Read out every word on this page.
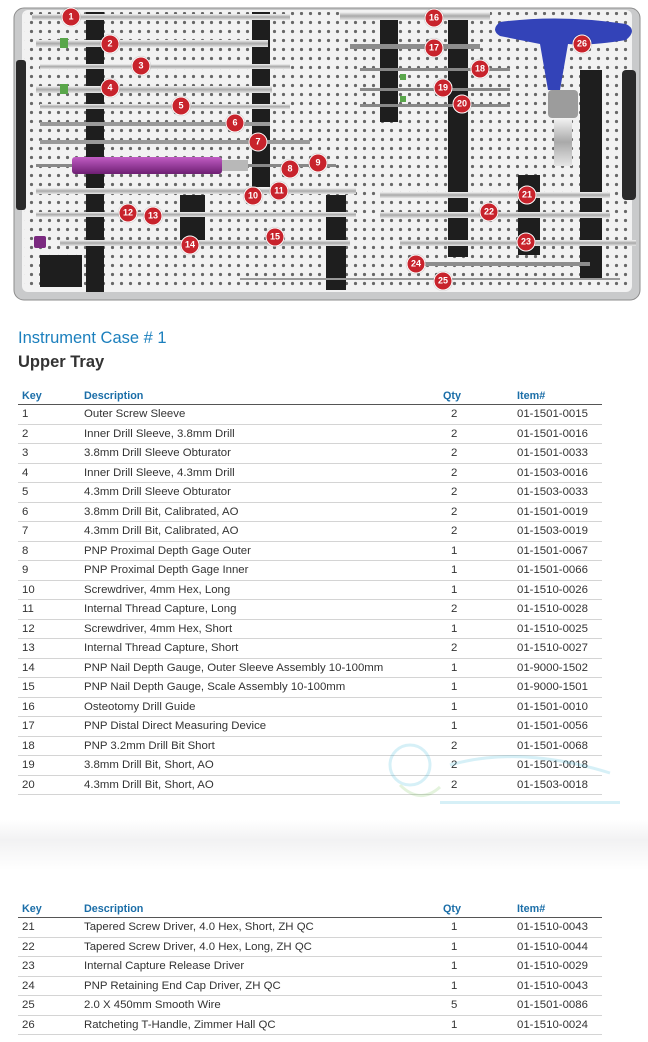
1
2
3
4
5
6
7
8
9
10	11
12	13
14
15
16
17
18
19
20
21
22
23
24
25
26
Instrument Case # 1
Upper Tray
Key	Description	Qty	Item#
1	Outer Screw Sleeve	2	01-1501-0015
2	Inner Drill Sleeve, 3.8mm Drill	2	01-1501-0016
3	3.8mm Drill Sleeve Obturator	2	01-1501-0033
4	Inner Drill Sleeve, 4.3mm Drill	2	01-1503-0016
5	4.3mm Drill Sleeve Obturator	2	01-1503-0033
6	3.8mm Drill Bit, Calibrated, AO	2	01-1501-0019
7	4.3mm Drill Bit, Calibrated, AO	2	01-1503-0019
8	PNP Proximal Depth Gage Outer	1	01-1501-0067
9	PNP Proximal Depth Gage Inner	1	01-1501-0066
10	Screwdriver, 4mm Hex, Long	1	01-1510-0026
11	Internal Thread Capture, Long	2	01-1510-0028
12	Screwdriver, 4mm Hex, Short	1	01-1510-0025
13	Internal Thread Capture, Short	2	01-1510-0027
14	PNP Nail Depth Gauge, Outer Sleeve Assembly 10-100mm	1	01-9000-1502
15	PNP Nail Depth Gauge, Scale Assembly 10-100mm	1	01-9000-1501
16	Osteotomy Drill Guide	1	01-1501-0010
17	PNP Distal Direct Measuring Device	1	01-1501-0056
18	PNP 3.2mm Drill Bit Short	2	01-1501-0068
19	3.8mm Drill Bit, Short, AO	2	01-1501-0018
20	4.3mm Drill Bit, Short, AO	2	01-1503-0018
Key	Description	Qty	Item#
21	Tapered Screw Driver, 4.0 Hex, Short, ZH QC	1	01-1510-0043
22	Tapered Screw Driver, 4.0 Hex, Long, ZH QC	1	01-1510-0044
23	Internal Capture Release Driver	1	01-1510-0029
24	PNP Retaining End Cap Driver, ZH QC	1	01-1510-0043
25	2.0 X 450mm Smooth Wire	5	01-1501-0086
26	Ratcheting T-Handle, Zimmer Hall QC	1	01-1510-0024
